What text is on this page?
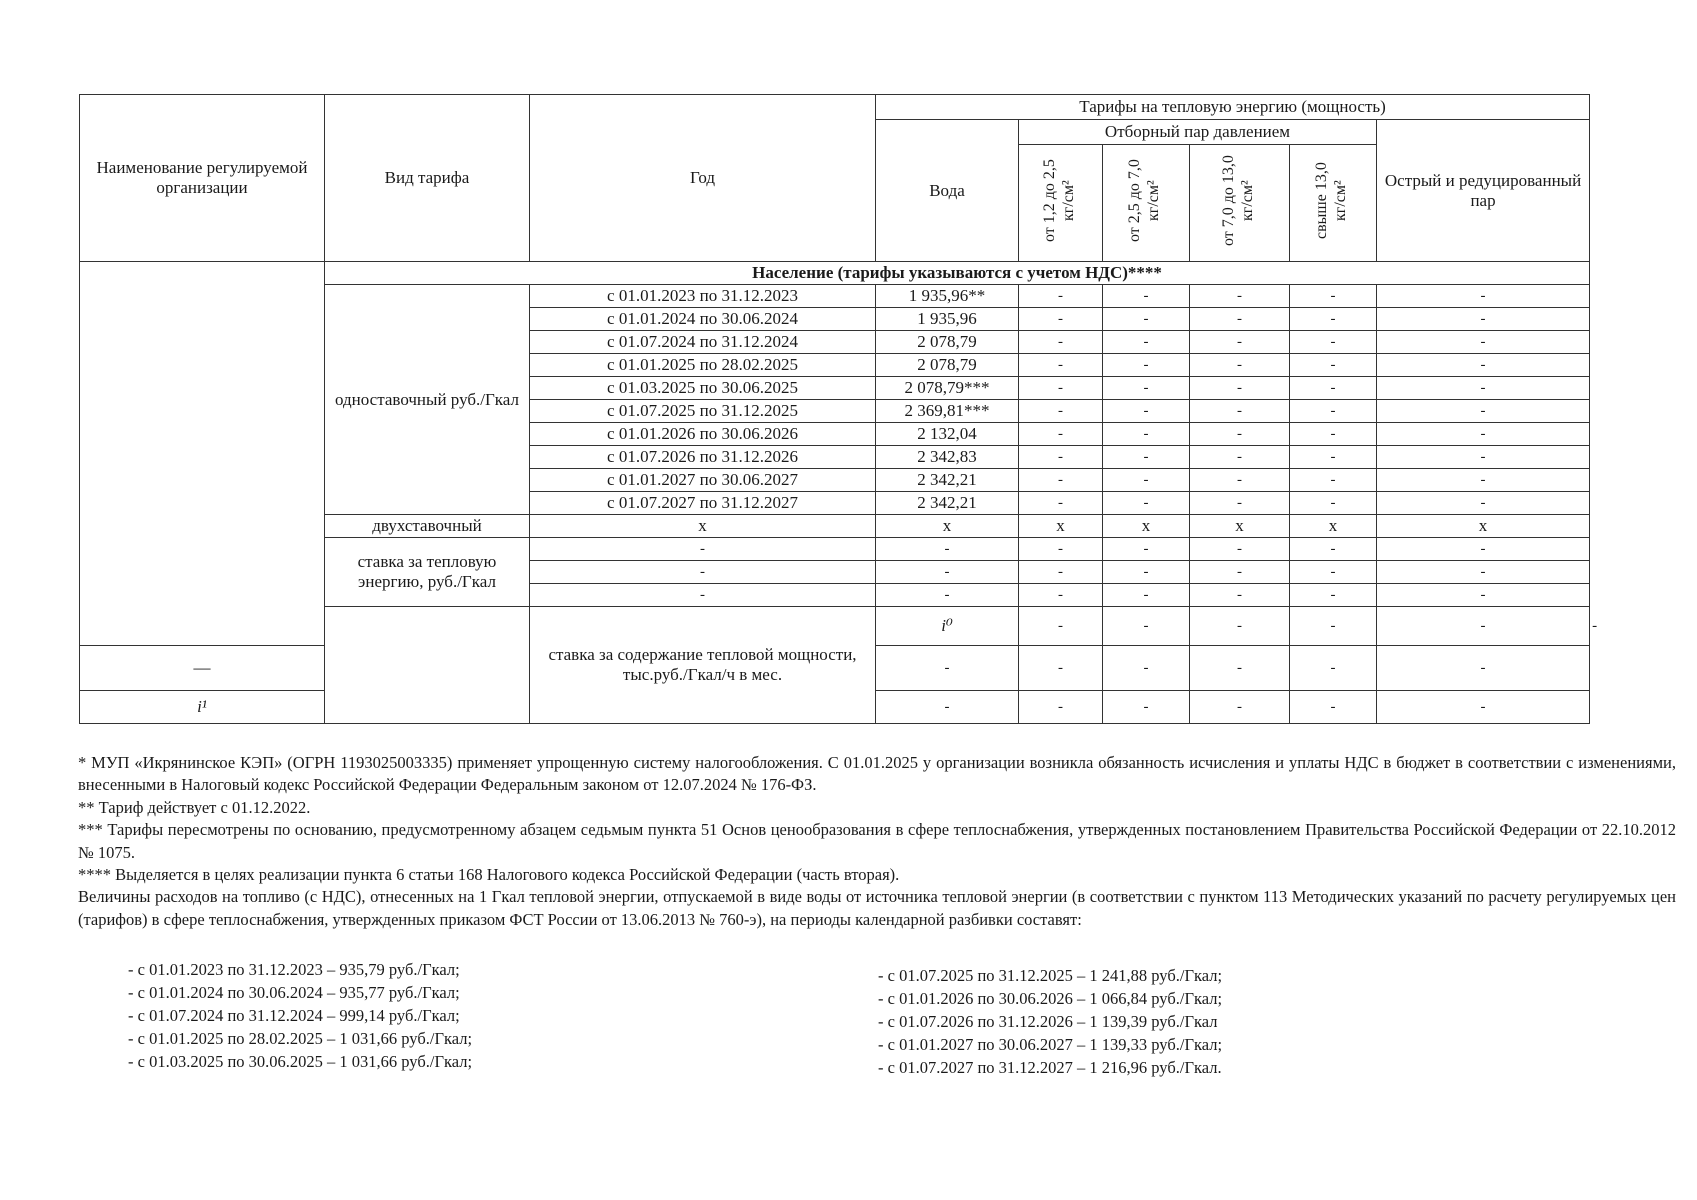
Наименование регулируемой организации	Вид тарифа	Год	Тарифы на тепловую энергию (мощность)						
			Вода	Отборный пар давлением				Острый и редуцированный пар	
				от 1,2 до 2,5 кг/см²	от 2,5 до 7,0 кг/см²	от 7,0 до 13,0 кг/см²	свыше 13,0 кг/см²		
	Население (тарифы указываются с учетом НДС)****								
	одноставочный руб./Гкал	с 01.01.2023 по 31.12.2023	1 935,96**	-	-	-	-	-	
		с 01.01.2024 по 30.06.2024	1 935,96	-	-	-	-	-	
		с 01.07.2024 по 31.12.2024	2 078,79	-	-	-	-	-	
		с 01.01.2025 по 28.02.2025	2 078,79	-	-	-	-	-	
		с 01.03.2025 по 30.06.2025	2 078,79***	-	-	-	-	-	
		с 01.07.2025 по 31.12.2025	2 369,81***	-	-	-	-	-	
		с 01.01.2026 по 30.06.2026	2 132,04	-	-	-	-	-	
		с 01.07.2026 по 31.12.2026	2 342,83	-	-	-	-	-	
		с 01.01.2027 по 30.06.2027	2 342,21	-	-	-	-	-	
		с 01.07.2027 по 31.12.2027	2 342,21	-	-	-	-	-	
	двухставочный	x	x	x	x	x	x	x	
	ставка за тепловую энергию, руб./Гкал	-	-	-	-	-	-	-	
		-	-	-	-	-	-	-	
		-	-	-	-	-	-	-	
		ставка за содержание тепловой мощности, тыс.руб./Гкал/ч в мес.	i⁰	-	-	-	-	-	-
—			-	-	-	-	-	-	
i¹			-	-	-	-	-	-	

* МУП «Икрянинское КЭП» (ОГРН 1193025003335) применяет упрощенную систему налогообложения. С 01.01.2025 у организации возникла обязанность исчисления и уплаты НДС в бюджет в соответствии с изменениями, внесенными в Налоговый кодекс Российской Федерации Федеральным законом от 12.07.2024 № 176-ФЗ.

** Тариф действует с 01.12.2022.

*** Тарифы пересмотрены по основанию, предусмотренному абзацем седьмым пункта 51 Основ ценообразования в сфере теплоснабжения, утвержденных постановлением Правительства Российской Федерации от 22.10.2012 № 1075.

**** Выделяется в целях реализации пункта 6 статьи 168 Налогового кодекса Российской Федерации (часть вторая).

Величины расходов на топливо (с НДС), отнесенных на 1 Гкал тепловой энергии, отпускаемой в виде воды от источника тепловой энергии (в соответствии с пунктом 113 Методических указаний по расчету регулируемых цен (тарифов) в сфере теплоснабжения, утвержденных приказом ФСТ России от 13.06.2013 № 760-э), на периоды календарной разбивки составят:

- с 01.01.2023 по 31.12.2023 – 935,79 руб./Гкал;
- с 01.01.2024 по 30.06.2024 – 935,77 руб./Гкал;
- с 01.07.2024 по 31.12.2024 – 999,14 руб./Гкал;
- с 01.01.2025 по 28.02.2025 – 1 031,66 руб./Гкал;
- с 01.03.2025 по 30.06.2025 – 1 031,66 руб./Гкал;
- с 01.07.2025 по 31.12.2025 – 1 241,88 руб./Гкал;
- с 01.01.2026 по 30.06.2026 – 1 066,84 руб./Гкал;
- с 01.07.2026 по 31.12.2026 – 1 139,39 руб./Гкал
- с 01.01.2027 по 30.06.2027 – 1 139,33 руб./Гкал;
- с 01.07.2027 по 31.12.2027 – 1 216,96 руб./Гкал.
